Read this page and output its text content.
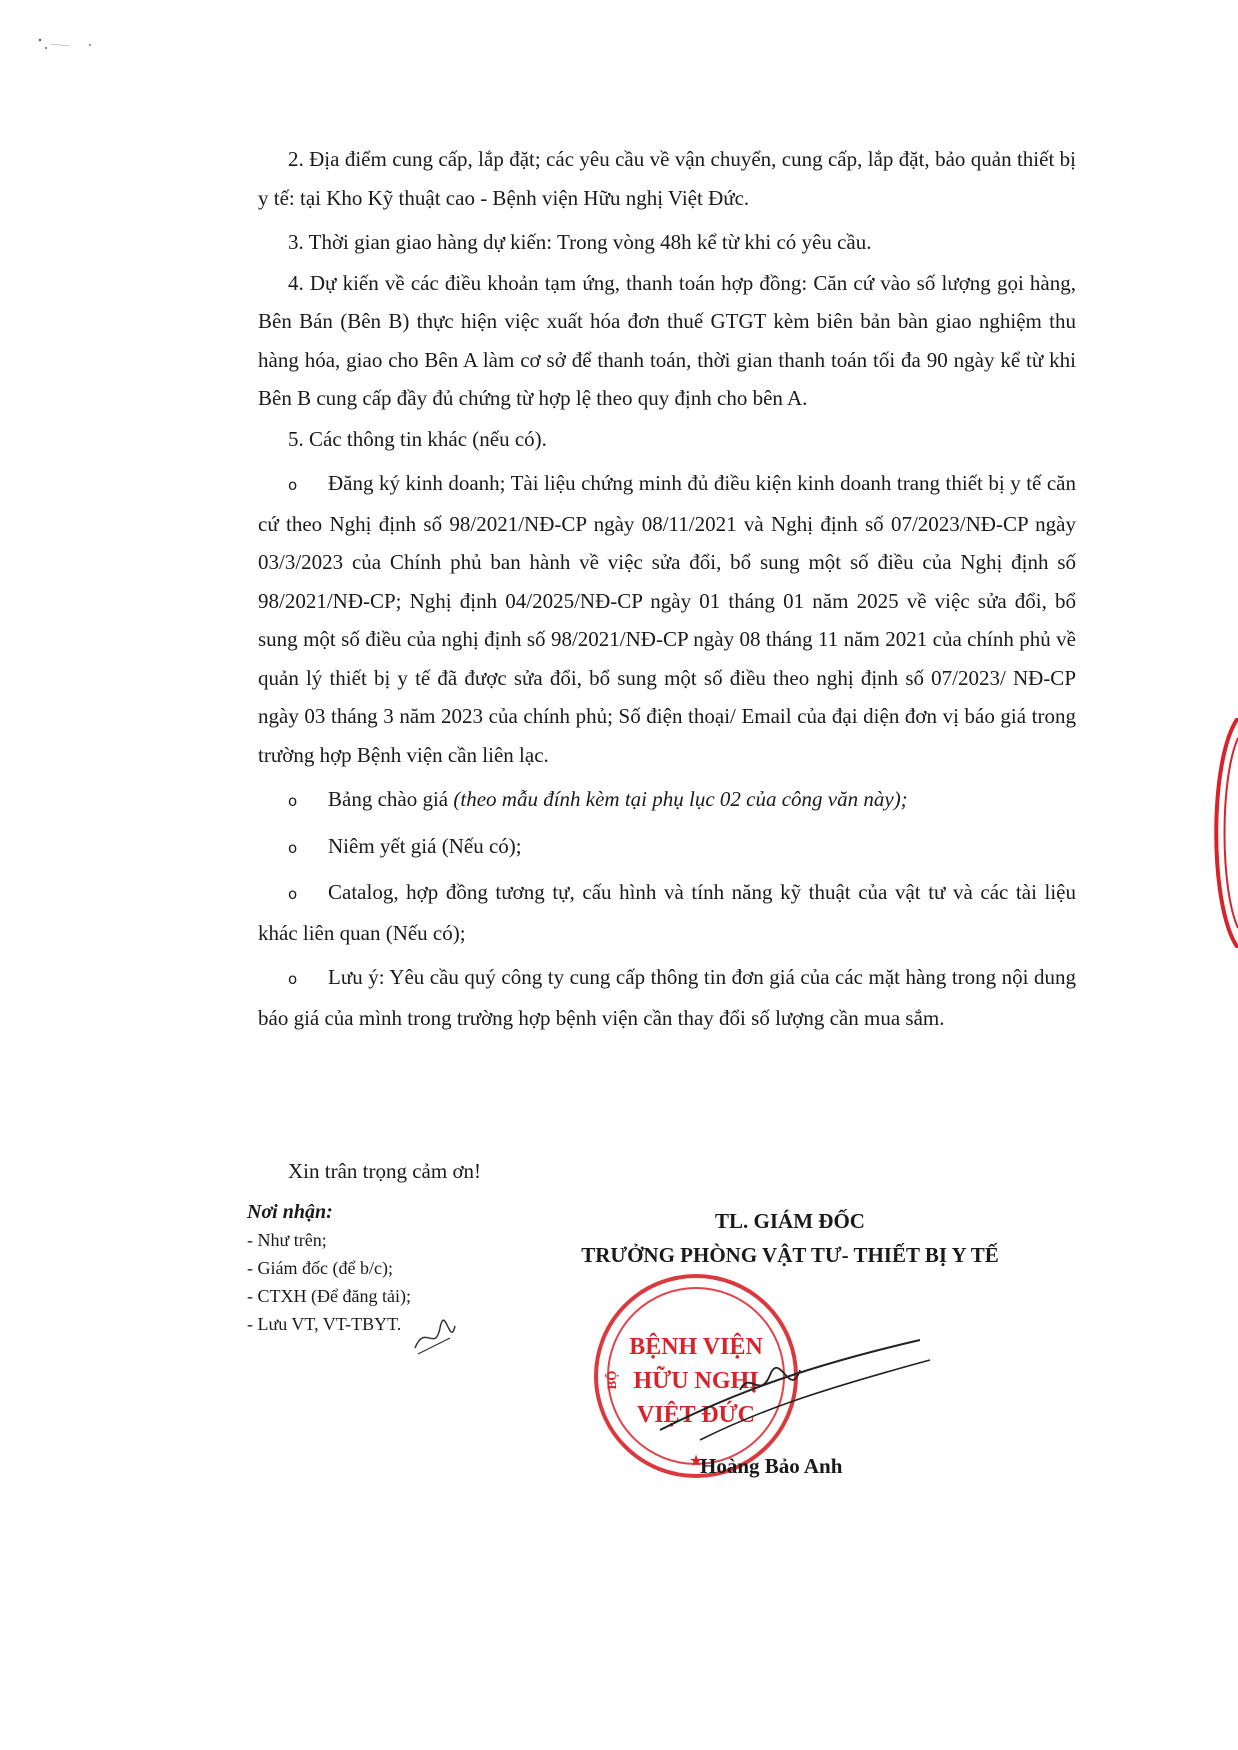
2. Địa điểm cung cấp, lắp đặt; các yêu cầu về vận chuyển, cung cấp, lắp đặt, bảo quản thiết bị y tế: tại Kho Kỹ thuật cao - Bệnh viện Hữu nghị Việt Đức.

3. Thời gian giao hàng dự kiến: Trong vòng 48h kể từ khi có yêu cầu.

4. Dự kiến về các điều khoản tạm ứng, thanh toán hợp đồng: Căn cứ vào số lượng gọi hàng, Bên Bán (Bên B) thực hiện việc xuất hóa đơn thuế GTGT kèm biên bản bàn giao nghiệm thu hàng hóa, giao cho Bên A làm cơ sở để thanh toán, thời gian thanh toán tối đa 90 ngày kể từ khi Bên B cung cấp đầy đủ chứng từ hợp lệ theo quy định cho bên A.

5. Các thông tin khác (nếu có).

o Đăng ký kinh doanh; Tài liệu chứng minh đủ điều kiện kinh doanh trang thiết bị y tế căn cứ theo Nghị định số 98/2021/NĐ-CP ngày 08/11/2021 và Nghị định số 07/2023/NĐ-CP ngày 03/3/2023 của Chính phủ ban hành về việc sửa đổi, bổ sung một số điều của Nghị định số 98/2021/NĐ-CP; Nghị định 04/2025/NĐ-CP ngày 01 tháng 01 năm 2025 về việc sửa đổi, bổ sung một số điều của nghị định số 98/2021/NĐ-CP ngày 08 tháng 11 năm 2021 của chính phủ về quản lý thiết bị y tế đã được sửa đổi, bổ sung một số điều theo nghị định số 07/2023/ NĐ-CP ngày 03 tháng 3 năm 2023 của chính phủ; Số điện thoại/ Email của đại diện đơn vị báo giá trong trường hợp Bệnh viện cần liên lạc.

o Bảng chào giá (theo mẫu đính kèm tại phụ lục 02 của công văn này);

o Niêm yết giá (Nếu có);

o Catalog, hợp đồng tương tự, cấu hình và tính năng kỹ thuật của vật tư và các tài liệu khác liên quan (Nếu có);

o Lưu ý: Yêu cầu quý công ty cung cấp thông tin đơn giá của các mặt hàng trong nội dung báo giá của mình trong trường hợp bệnh viện cần thay đổi số lượng cần mua sắm.

Xin trân trọng cảm ơn!
Nơi nhận:
- Như trên;
- Giám đốc (để b/c);
- CTXH (Để đăng tải);
- Lưu VT, VT-TBYT.
TL. GIÁM ĐỐC
TRƯỞNG PHÒNG VẬT TƯ- THIẾT BỊ Y TẾ
BỆNH VIỆN
HỮU NGHỊ
VIỆT ĐỨC
BỘ
★
Hoàng Bảo Anh
